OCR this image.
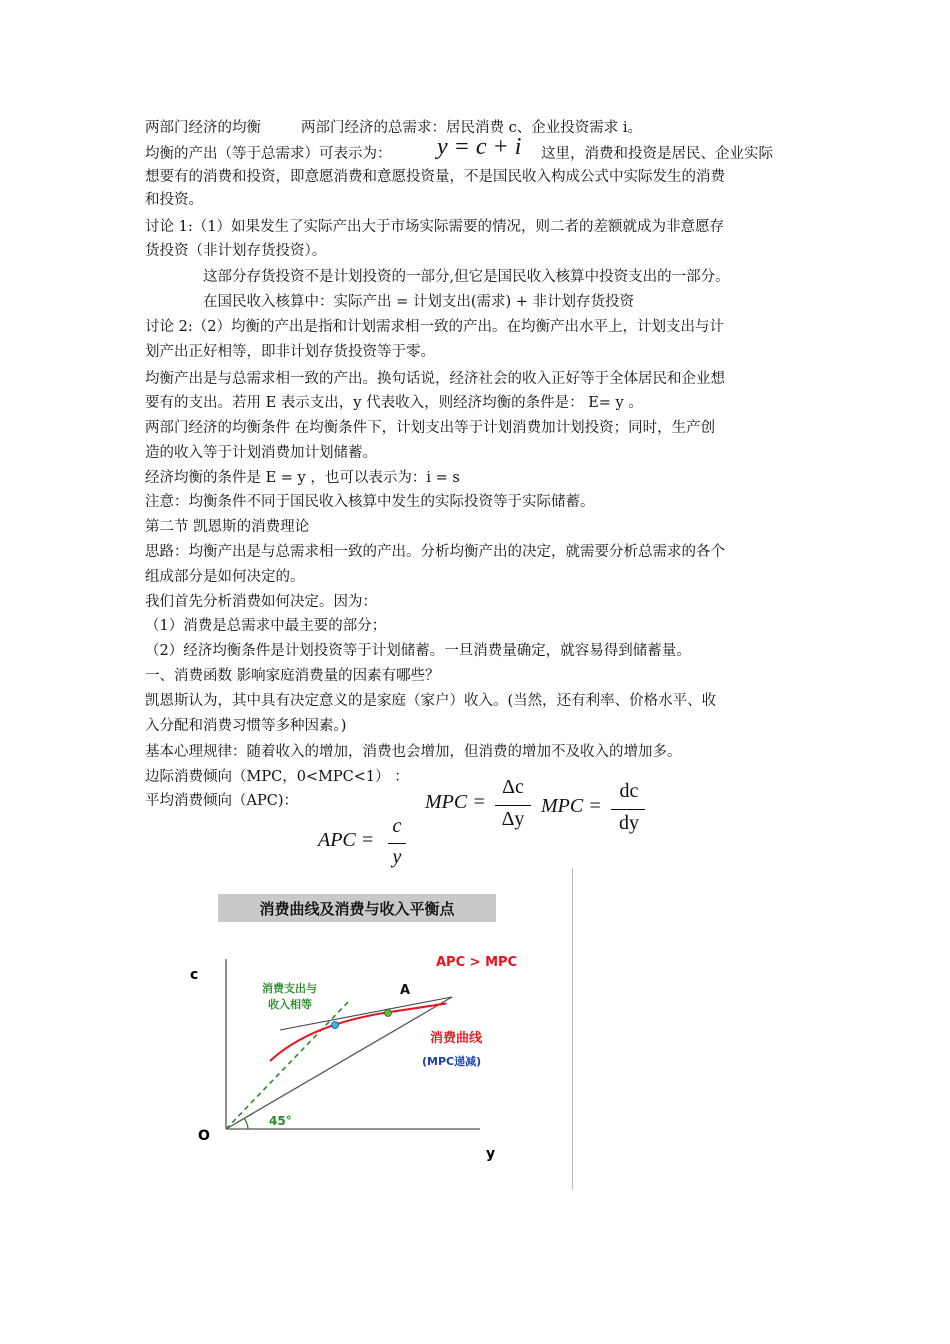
两部门经济的均衡	两部门经济的总需求：居民消费 c、企业投资需求 i。
均衡的产出（等于总需求）可表示为： y = c + i 这里，消费和投资是居民、企业实际
想要有的消费和投资，即意愿消费和意愿投资量，不是国民收入构成公式中实际发生的消费
和投资。
讨论 1:（1）如果发生了实际产出大于市场实际需要的情况，则二者的差额就成为非意愿存
货投资（非计划存货投资）。
这部分存货投资不是计划投资的一部分,但它是国民收入核算中投资支出的一部分。
在国民收入核算中：实际产出 = 计划支出(需求) + 非计划存货投资
讨论 2:（2）均衡的产出是指和计划需求相一致的产出。在均衡产出水平上，计划支出与计
划产出正好相等，即非计划存货投资等于零。
均衡产出是与总需求相一致的产出。换句话说，经济社会的收入正好等于全体居民和企业想
要有的支出。若用 E 表示支出，y 代表收入，则经济均衡的条件是： E= y 。
两部门经济的均衡条件 在均衡条件下，计划支出等于计划消费加计划投资；同时，生产创
造的收入等于计划消费加计划储蓄。
经济均衡的条件是 E = y ，也可以表示为：i = s
注意：均衡条件不同于国民收入核算中发生的实际投资等于实际储蓄。
第二节 凯恩斯的消费理论
思路：均衡产出是与总需求相一致的产出。分析均衡产出的决定，就需要分析总需求的各个
组成部分是如何决定的。
我们首先分析消费如何决定。因为：
（1）消费是总需求中最主要的部分；
（2）经济均衡条件是计划投资等于计划储蓄。一旦消费量确定，就容易得到储蓄量。
一、消费函数 影响家庭消费量的因素有哪些？
凯恩斯认为，其中具有决定意义的是家庭（家户）收入。(当然，还有利率、价格水平、收
入分配和消费习惯等多种因素。)
基本心理规律：随着收入的增加，消费也会增加，但消费的增加不及收入的增加多。
边际消费倾向（MPC，0<MPC<1） ：
平均消费倾向（APC)：	MPC =
Δc
Δy
MPC =
dc
dy
APC =
c
y
消费曲线及消费与收入平衡点
c
y
O
A
APC > MPC
消费支出与
收入相等
消费曲线
(MPC递减)
45°
